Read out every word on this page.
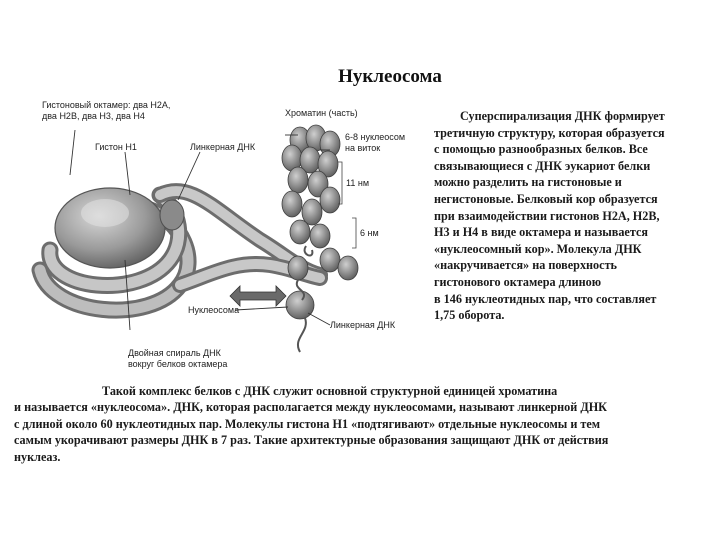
Нуклеосома
Гистоновый октамер: два Н2А,
два Н2В, два Н3, два Н4
Гистон Н1	Линкерная ДНК
Хроматин (часть)
6-8 нуклеосом
на виток
11 нм
6 нм
Нуклеосома
Линкерная ДНК
Двойная спираль ДНК
вокруг белков октамера
Суперспирализация ДНК формирует
третичную структуру, которая образуется
с помощью разнообразных белков. Все
связывающиеся с ДНК эукариот белки
можно разделить на гистоновые и
негистоновые. Белковый кор образуется
при взаимодействии гистонов Н2А, Н2В,
Н3 и Н4 в виде октамера и называется
«нуклеосомный кор». Молекула ДНК
«накручивается» на поверхность
гистонового октамера длиною
в 146 нуклеотидных пар, что составляет
1,75 оборота.
Такой комплекс белков с ДНК служит основной структурной единицей хроматина
и называется «нуклеосома». ДНК, которая располагается между нуклеосомами, называют линкерной ДНК
с длиной около 60 нуклеотидных пар. Молекулы гистона Н1 «подтягивают» отдельные нуклеосомы и тем
самым укорачивают размеры ДНК в 7 раз. Такие архитектурные образования защищают ДНК от действия
нуклеаз.
